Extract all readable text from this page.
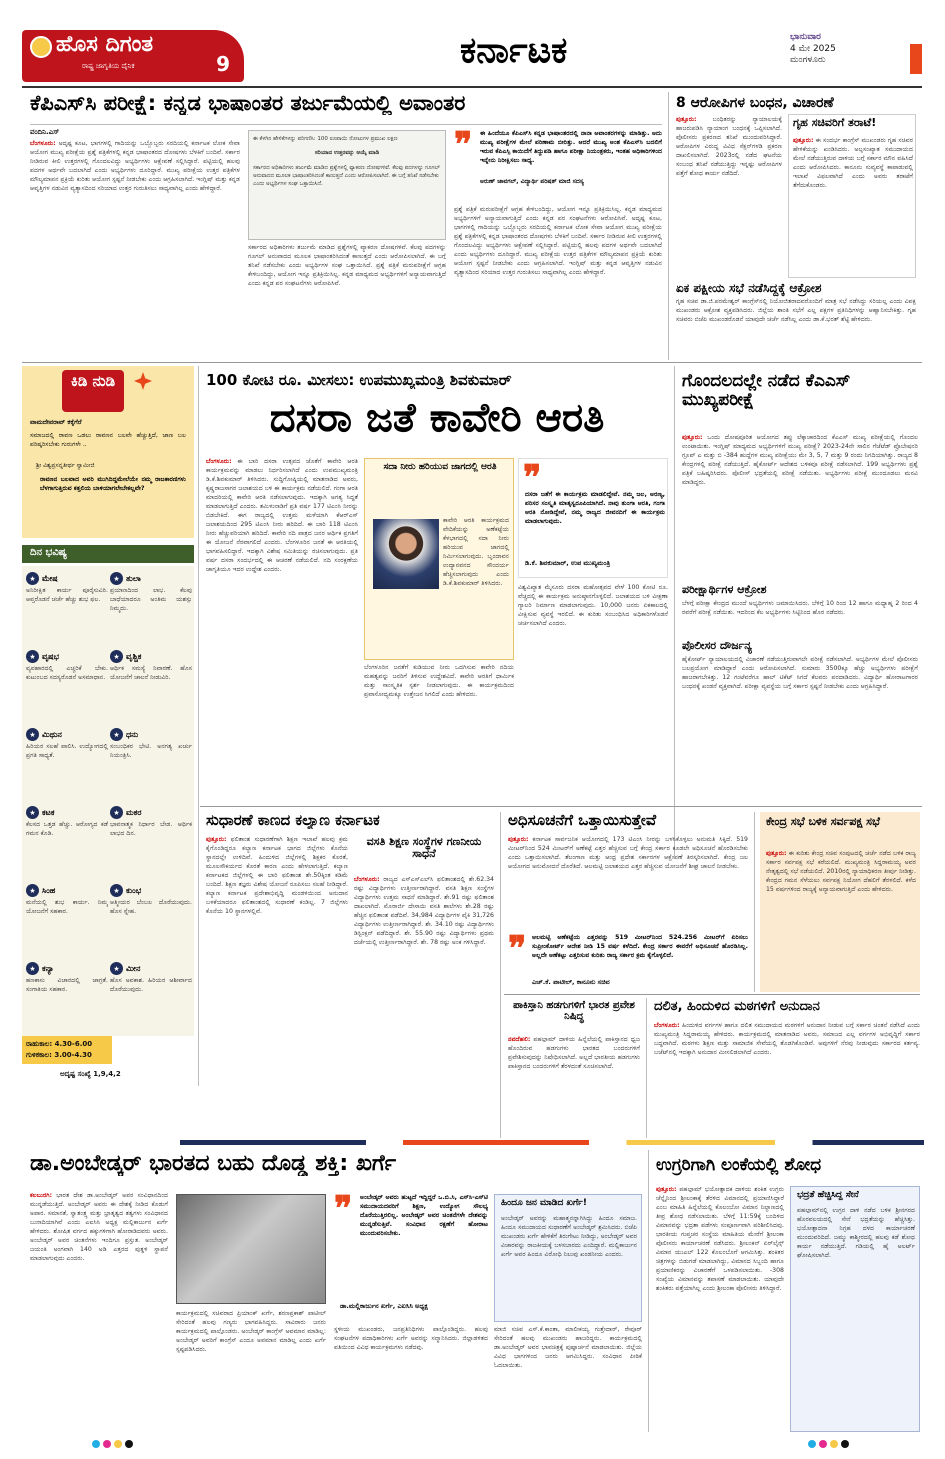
ಹೊಸ ದಿಗಂತ
ರಾಷ್ಟ್ರ ಜಾಗೃತಿಯ ದೈನಿಕ	9	ಕರ್ನಾಟಕ	ಭಾನುವಾರ
4 ಮೇ 2025
ಮಂಗಳೂರು
ಕೆಪಿಎಸ್‌ಸಿ ಪರೀಕ್ಷೆ: ಕನ್ನಡ ಭಾಷಾಂತರ ತರ್ಜುಮೆಯಲ್ಲಿ ಅವಾಂತರ
ವಂದಿನಿ.ಎಸ್
ಬೆಂಗಳೂರು: ಅದೃಷ್ಟ ಕೂಟ, ಭಾಗಗಳಲ್ಲಿ ಗಾದಿಯನ್ನು ಒಬ್ಬೊಬ್ಬರು ಸರದಿಯಲ್ಲಿ ಕರ್ನಾಟಕ ಲೋಕ ಸೇವಾ ಆಯೋಗ ಮುಖ್ಯ ಪರೀಕ್ಷೆಯ ಪ್ರಶ್ನೆ ಪತ್ರಿಕೆಗಳಲ್ಲಿ ಕನ್ನಡ ಭಾಷಾಂತರದ ದೋಷಗಳು ಬೆಳಕಿಗೆ ಬಂದಿವೆ. ಸರ್ಕಾರ ನೀಡಿರುವ ಕೀಲಿ ಉತ್ತರಗಳಲ್ಲಿ ಗೊಂದಲವಿದ್ದು ಅಭ್ಯರ್ಥಿಗಳು ಆಕ್ಷೇಪಣೆ ಸಲ್ಲಿಸಿದ್ದಾರೆ. ಪಟ್ಟಿಯಲ್ಲಿ ಹಲವು ಪದಗಳ ಅರ್ಥವೇ ಬದಲಾಗಿದೆ ಎಂದು ಅಭ್ಯರ್ಥಿಗಳು ದೂರಿದ್ದಾರೆ. ಮುಖ್ಯ ಪರೀಕ್ಷೆಯ ಉತ್ತರ ಪತ್ರಿಕೆಗಳ ಮೌಲ್ಯಮಾಪನ ಪ್ರಕ್ರಿಯೆ ಕುರಿತು ಆಯೋಗ ಸ್ಪಷ್ಟನೆ ನೀಡಬೇಕು ಎಂದು ಆಗ್ರಹಿಸಲಾಗಿದೆ. ಇಂಗ್ಲಿಷ್ ಮತ್ತು ಕನ್ನಡ ಆವೃತ್ತಿಗಳ ನಡುವಿನ ವ್ಯತ್ಯಾಸದಿಂದ ಸರಿಯಾದ ಉತ್ತರ ಗುರುತಿಸಲು ಸಾಧ್ಯವಾಗಿಲ್ಲ ಎಂದು ಹೇಳಿದ್ದಾರೆ.
ಈ ಕೆಳಗಿನ ಹೇಳಿಕೆಗಳನ್ನು ಪರಿಗಣಿಸಿ: 100 ರೂಪಾಯಿ ನೋಟುಗಳ ಪ್ರಮುಖ ಲಕ್ಷಣ
ಸರಿಯಾದ ಉತ್ತರವನ್ನು ಆಯ್ಕೆ ಮಾಡಿ
ಸರ್ಕಾರದ ಅಧಿಕಾರಿಗಳು ತರ್ಜುಮೆ ಮಾಡಿದ ಪ್ರಶ್ನೆಗಳಲ್ಲಿ ವ್ಯಾಕರಣ ದೋಷಗಳಿವೆ. ಕೆಲವು ಪದಗಳನ್ನು ಗೂಗಲ್ ಅನುವಾದದ ಮೂಲಕ ಭಾಷಾಂತರಿಸಿದಂತೆ ಕಾಣುತ್ತದೆ ಎಂದು ಆರೋಪಿಸಲಾಗಿದೆ. ಈ ಬಗ್ಗೆ ತನಿಖೆ ನಡೆಸಬೇಕು ಎಂದು ಅಭ್ಯರ್ಥಿಗಳ ಸಂಘ ಒತ್ತಾಯಿಸಿದೆ.
ಸರ್ಕಾರದ ಅಧಿಕಾರಿಗಳು ತರ್ಜುಮೆ ಮಾಡಿದ ಪ್ರಶ್ನೆಗಳಲ್ಲಿ ವ್ಯಾಕರಣ ದೋಷಗಳಿವೆ. ಕೆಲವು ಪದಗಳನ್ನು ಗೂಗಲ್ ಅನುವಾದದ ಮೂಲಕ ಭಾಷಾಂತರಿಸಿದಂತೆ ಕಾಣುತ್ತದೆ ಎಂದು ಆರೋಪಿಸಲಾಗಿದೆ. ಈ ಬಗ್ಗೆ ತನಿಖೆ ನಡೆಸಬೇಕು ಎಂದು ಅಭ್ಯರ್ಥಿಗಳ ಸಂಘ ಒತ್ತಾಯಿಸಿದೆ. ಪ್ರಶ್ನೆ ಪತ್ರಿಕೆ ಮರುಪರೀಕ್ಷೆಗೆ ಆಗ್ರಹ ಕೇಳಿಬಂದಿದ್ದು, ಆಯೋಗ ಇನ್ನೂ ಪ್ರತಿಕ್ರಿಯಿಸಿಲ್ಲ. ಕನ್ನಡ ಮಾಧ್ಯಮದ ಅಭ್ಯರ್ಥಿಗಳಿಗೆ ಅನ್ಯಾಯವಾಗುತ್ತಿದೆ ಎಂದು ಕನ್ನಡ ಪರ ಸಂಘಟನೆಗಳು ಆರೋಪಿಸಿವೆ.
❞ ಈ ಹಿಂದೆಯೂ ಕೆಪಿಎಸ್‌ಸಿ ಕನ್ನಡ ಭಾಷಾಂತರದಲ್ಲಿ ನಾನಾ ಅವಾಂತರಗಳನ್ನು ಮಾಡಿತ್ತು. ಅದು ಮುಖ್ಯ ಪರೀಕ್ಷೆಗಳ ಮೇಲೆ ಪರಿಣಾಮ ಬೀರಿತ್ತು. ಆದರೆ ಮುಖ್ಯ ಅಂಶ ಕೆಪಿಎಸ್‌ಸಿ ಬದಲಿಗೆ ಇರುವ ಕೆಪಿಎಸ್ಸಿ ಕಾಯಿದೆಗೆ ತಿದ್ದುಪಡಿ ಹಾಗೂ ಪರೀಕ್ಷಾ ನಿಯಂತ್ರಕರು, ಇಂತಹ ಅಧಿಕಾರಿಗಳಿಂದ ಇನ್ನೇನು ನಿರೀಕ್ಷಿಸಲು ಸಾಧ್ಯ.
ಅರುಣ್ ಜಾವಗಲ್, ವಿದ್ಯಾರ್ಥಿ ಪರಿಷತ್ ಮಾಜಿ ಸದಸ್ಯ
ಪ್ರಶ್ನೆ ಪತ್ರಿಕೆ ಮರುಪರೀಕ್ಷೆಗೆ ಆಗ್ರಹ ಕೇಳಿಬಂದಿದ್ದು, ಆಯೋಗ ಇನ್ನೂ ಪ್ರತಿಕ್ರಿಯಿಸಿಲ್ಲ. ಕನ್ನಡ ಮಾಧ್ಯಮದ ಅಭ್ಯರ್ಥಿಗಳಿಗೆ ಅನ್ಯಾಯವಾಗುತ್ತಿದೆ ಎಂದು ಕನ್ನಡ ಪರ ಸಂಘಟನೆಗಳು ಆರೋಪಿಸಿವೆ. ಅದೃಷ್ಟ ಕೂಟ, ಭಾಗಗಳಲ್ಲಿ ಗಾದಿಯನ್ನು ಒಬ್ಬೊಬ್ಬರು ಸರದಿಯಲ್ಲಿ ಕರ್ನಾಟಕ ಲೋಕ ಸೇವಾ ಆಯೋಗ ಮುಖ್ಯ ಪರೀಕ್ಷೆಯ ಪ್ರಶ್ನೆ ಪತ್ರಿಕೆಗಳಲ್ಲಿ ಕನ್ನಡ ಭಾಷಾಂತರದ ದೋಷಗಳು ಬೆಳಕಿಗೆ ಬಂದಿವೆ. ಸರ್ಕಾರ ನೀಡಿರುವ ಕೀಲಿ ಉತ್ತರಗಳಲ್ಲಿ ಗೊಂದಲವಿದ್ದು ಅಭ್ಯರ್ಥಿಗಳು ಆಕ್ಷೇಪಣೆ ಸಲ್ಲಿಸಿದ್ದಾರೆ. ಪಟ್ಟಿಯಲ್ಲಿ ಹಲವು ಪದಗಳ ಅರ್ಥವೇ ಬದಲಾಗಿದೆ ಎಂದು ಅಭ್ಯರ್ಥಿಗಳು ದೂರಿದ್ದಾರೆ. ಮುಖ್ಯ ಪರೀಕ್ಷೆಯ ಉತ್ತರ ಪತ್ರಿಕೆಗಳ ಮೌಲ್ಯಮಾಪನ ಪ್ರಕ್ರಿಯೆ ಕುರಿತು ಆಯೋಗ ಸ್ಪಷ್ಟನೆ ನೀಡಬೇಕು ಎಂದು ಆಗ್ರಹಿಸಲಾಗಿದೆ. ಇಂಗ್ಲಿಷ್ ಮತ್ತು ಕನ್ನಡ ಆವೃತ್ತಿಗಳ ನಡುವಿನ ವ್ಯತ್ಯಾಸದಿಂದ ಸರಿಯಾದ ಉತ್ತರ ಗುರುತಿಸಲು ಸಾಧ್ಯವಾಗಿಲ್ಲ ಎಂದು ಹೇಳಿದ್ದಾರೆ.
8 ಆರೋಪಿಗಳ ಬಂಧನ, ವಿಚಾರಣೆ
ಪುತ್ತೂರು:	ಬಂಧಿತರನ್ನು ನ್ಯಾಯಾಲಯಕ್ಕೆ ಹಾಜರುಪಡಿಸಿ ನ್ಯಾಯಾಂಗ ಬಂಧನಕ್ಕೆ ಒಪ್ಪಿಸಲಾಗಿದೆ. ಪೊಲೀಸರು ಪ್ರಕರಣದ ತನಿಖೆ ಮುಂದುವರಿಸಿದ್ದಾರೆ. ಆರೋಪಿಗಳ ವಿರುದ್ಧ ವಿವಿಧ ಸೆಕ್ಷನ್‌ಗಳಡಿ ಪ್ರಕರಣ ದಾಖಲಿಸಲಾಗಿದೆ. 2023ರಲ್ಲಿ ನಡೆದ ಘಟನೆಯ ಸಂಬಂಧ ತನಿಖೆ ನಡೆಯುತ್ತಿದ್ದು ಇನ್ನಷ್ಟು ಆರೋಪಿಗಳ ಪತ್ತೆಗೆ ಶೋಧ ಕಾರ್ಯ ನಡೆದಿದೆ.
ಗೃಹ ಸಚಿವರಿಗೆ ತರಾಟೆ!
ಪುತ್ತೂರು: ಈ ಸಂದರ್ಭ ಕಾಂಗ್ರೆಸ್ ಮುಖಂಡರು ಗೃಹ ಸಚಿವರ ಹೇಳಿಕೆಯನ್ನು ಖಂಡಿಸಿದರು. ಅಲ್ಪಸಂಖ್ಯಾತ ಸಮುದಾಯದ ಮೇಲೆ ನಡೆಯುತ್ತಿರುವ ದಾಳಿಯ ಬಗ್ಗೆ ಸರ್ಕಾರ ಮೌನ ವಹಿಸಿದೆ ಎಂದು ಆರೋಪಿಸಿದರು. ಕಾನೂನು ಸುವ್ಯವಸ್ಥೆ ಕಾಪಾಡುವಲ್ಲಿ ಇಲಾಖೆ ವಿಫಲವಾಗಿದೆ ಎಂದು ಅವರು ತರಾಟೆಗೆ ತೆಗೆದುಕೊಂಡರು.
ಏಕ ಪಕ್ಷೀಯ ಸಭೆ ನಡೆಸಿದ್ದಕ್ಕೆ ಆಕ್ರೋಶ
ಗೃಹ ಸಚಿವ ಡಾ.ಜಿ.ಪರಮೇಶ್ವರ್ ಕಾಂಗ್ರೆಸ್‌ನಲ್ಲಿ ನಿಯೋಜಿತರಾದವರೊಂದಿಗೆ ಮಾತ್ರ ಸಭೆ ನಡೆಸಿದ್ದು ಸರಿಯಲ್ಲ ಎಂದು ವಿಪಕ್ಷ ಮುಖಂಡರು ಆಕ್ರೋಶ ವ್ಯಕ್ತಪಡಿಸಿದರು. ಜಿಲ್ಲೆಯ ಶಾಂತಿ ಸಭೆಗೆ ಎಲ್ಲ ಪಕ್ಷಗಳ ಪ್ರತಿನಿಧಿಗಳನ್ನು ಆಹ್ವಾನಿಸಬೇಕಿತ್ತು. ಗೃಹ ಸಚಿವರು ಬಿಜೆಪಿ ಮುಖಂಡರೊಡನೆ ಯಾವುದೇ ಚರ್ಚೆ ನಡೆಸಿಲ್ಲ ಎಂದು ಡಾ.ಕೆ.ಭರತ್ ಶೆಟ್ಟಿ ಹೇಳಿದರು.
ಕಿಡಿ ನುಡಿ
ವಾಮದೇವರಾವ್ ಕಕ್ಕೆಗೆರೆ
ಸಮಾಜದಲ್ಲಿ ರಾವಣ ಒಡಲು ರಾವಣನ ಬಲವೇ ಹೆಚ್ಚುತ್ತಿದೆ, ಜಾಣ ಬಲ ಪರಿಷ್ಕರಿಸಬೇಕು ಗುರುಗಳೇ ..
ಶ್ರೀ ವಿಶ್ವಪ್ರಸನ್ನತೀರ್ಥ ಸ್ವಾಮೀಜಿ
ರಾವಣನ ಬಲವಾದ ಅವರಿ ಮುಗಿದಿದ್ದಮೇಲೆಯೇ ನಮ್ಮ ರಾಜಕಾರಣಿಗಳು ಬೆಳಗಾಗುತ್ತಿರುವ ಕತ್ತಲಿಯ ಬಾಳಿಯಾಗಲೇಬೇಕಲ್ಲವೇ?
ದಿನ ಭವಿಷ್ಯ
★ ಮೇಷ
ಅನಿರೀಕ್ಷಿತ ಕಾರ್ಯ ಪೂರೈಸುವಿರಿ. ಆಪ್ತರೊಡನೆ ಚರ್ಚೆ ಹೆಚ್ಚು ಶುಭ ಫಲ.
★ ತುಲಾ
ಪ್ರಯಾಣದಿಂದ ಲಾಭ. ಕೆಲವು ಬಾಧೆಯಾದರೂ ಅಂತಿಮ ಯಶಸ್ಸು ನಿಮ್ಮದು.
★ ವೃಷಭ
ವ್ಯವಹಾರದಲ್ಲಿ ಎಚ್ಚರಿಕೆ ಬೇಕು. ಕುಟುಂಬದ ಸದಸ್ಯರೊಡನೆ ಅಸಮಾಧಾನ.
★ ವೃಶ್ಚಿಕ
ಆರ್ಥಿಕ ಸಮಸ್ಯೆ ನಿವಾರಣೆ. ಹೊಸ ಯೋಜನೆಗೆ ಚಾಲನೆ ನೀಡುವಿರಿ.
★ ಮಿಥುನ
ಹಿರಿಯರ ಸಲಹೆ ಪಾಲಿಸಿ. ಉದ್ಯೋಗದಲ್ಲಿ ಪ್ರಗತಿ ಸಾಧ್ಯತೆ.
★ ಧನು
ಸಂಬಂಧಿಕರ ಭೇಟಿ. ಅನಗತ್ಯ ಖರ್ಚು ನಿಯಂತ್ರಿಸಿ.
★ ಕಟಕ
ಕೆಲಸದ ಒತ್ತಡ ಹೆಚ್ಚು. ಆರೋಗ್ಯದ ಕಡೆ ಗಮನ ಕೊಡಿ.
★ ಮಕರ
ಭಾವನಾತ್ಮಕ ನಿರ್ಧಾರ ಬೇಡ. ಆರ್ಥಿಕ ಲಾಭದ ದಿನ.
★ ಸಿಂಹ
ಮನೆಯಲ್ಲಿ ಶುಭ ಕಾರ್ಯ. ನಿಮ್ಮ ಯೋಜನೆಗೆ ಸಹಕಾರ.
★ ಕುಂಭ
ಆತ್ಮೀಯರ ಬೆಂಬಲ ದೊರೆಯುವುದು. ಹೊಸ ಸ್ನೇಹ.
★ ಕನ್ಯಾ
ಹಣಕಾಸು ವಿಚಾರದಲ್ಲಿ ಜಾಗ್ರತೆ. ಸಂಗಾತಿಯ ಸಹಕಾರ.
★ ಮೀನ
ಹೊಸ ಅವಕಾಶ. ಹಿರಿಯರ ಆಶೀರ್ವಾದ ದೊರೆಯುವುದು.
ರಾಹುಕಾಲ: 4.30-6.00
ಗುಳಿಕಕಾಲ: 3.00-4.30
ಅದೃಷ್ಟ ಸಂಖ್ಯೆ 1,9,4,2
100 ಕೋಟಿ ರೂ. ಮೀಸಲು: ಉಪಮುಖ್ಯಮಂತ್ರಿ ಶಿವಕುಮಾರ್
ದಸರಾ ಜತೆ ಕಾವೇರಿ ಆರತಿ
ಬೆಂಗಳೂರು: ಈ ಬಾರಿ ದಸರಾ ಉತ್ಸವದ ಜೊತೆಗೆ ಕಾವೇರಿ ಆರತಿ ಕಾರ್ಯಕ್ರಮವನ್ನು ಮಾಡಲು ನಿರ್ಧರಿಸಲಾಗಿದೆ ಎಂದು ಉಪಮುಖ್ಯಮಂತ್ರಿ ಡಿ.ಕೆ.ಶಿವಕುಮಾರ್ ತಿಳಿಸಿದರು. ಸುದ್ದಿಗೋಷ್ಠಿಯಲ್ಲಿ ಮಾತನಾಡಿದ ಅವರು, ಕೃಷ್ಣರಾಜಸಾಗರ ಜಲಾಶಯದ ಬಳಿ ಈ ಕಾರ್ಯಕ್ರಮ ನಡೆಯಲಿದೆ. ಗಂಗಾ ಆರತಿ ಮಾದರಿಯಲ್ಲಿ ಕಾವೇರಿ ಆರತಿ ನಡೆಸಲಾಗುವುದು. ಇದಕ್ಕಾಗಿ ಅಗತ್ಯ ಸಿದ್ಧತೆ ಮಾಡಲಾಗುತ್ತಿದೆ ಎಂದರು. ತಮಿಳುನಾಡಿಗೆ ಪ್ರತಿ ವರ್ಷ 177 ಟಿಎಂಸಿ ನೀರನ್ನು ಬಿಡಬೇಕಿದೆ. ಈಗ ರಾಜ್ಯದಲ್ಲಿ ಉತ್ತಮ ಮಳೆಯಾಗಿ ಕೆಆರ್‌ಎಸ್ ಜಲಾಶಯದಿಂದ 295 ಟಿಎಂಸಿ ನೀರು ಹರಿದಿದೆ. ಈ ಬಾರಿ 118 ಟಿಎಂಸಿ ನೀರು ಹೆಚ್ಚುವರಿಯಾಗಿ ಹರಿದಿದೆ. ಕಾವೇರಿ ನದಿ ಪಾತ್ರದ ಜನರ ಆರ್ಥಿಕ ಪ್ರಗತಿಗೆ ಈ ಯೋಜನೆ ನೆರವಾಗಲಿದೆ ಎಂದರು. ಬೆಂಗಳೂರಿನ ಜನತೆ ಈ ಆರತಿಯಲ್ಲಿ ಭಾಗವಹಿಸಲಿದ್ದಾರೆ. ಇದಕ್ಕಾಗಿ ವಿಶೇಷ ಸಮಿತಿಯನ್ನು ರಚಿಸಲಾಗುವುದು. ಪ್ರತಿ ವರ್ಷ ದಸರಾ ಸಂದರ್ಭದಲ್ಲಿ ಈ ಆಚರಣೆ ನಡೆಯಲಿದೆ. ನದಿ ಸಂರಕ್ಷಣೆಯ ಜಾಗೃತಿಯೂ ಇದರ ಉದ್ದೇಶ ಎಂದರು.
ಸದಾ ನೀರು ಹರಿಯುವ ಜಾಗದಲ್ಲಿ ಆರತಿ
ಕಾವೇರಿ ಆರತಿ ಕಾರ್ಯಕ್ರಮದ ವೇದಿಕೆಯನ್ನು ಅಣೆಕಟ್ಟೆಯ ಕೆಳಭಾಗದಲ್ಲಿ ಸದಾ ನೀರು ಹರಿಯುವ ಜಾಗದಲ್ಲಿ ನಿರ್ಮಿಸಲಾಗುವುದು. ಬೃಂದಾವನ ಉದ್ಯಾನವನದ ಸೌಂದರ್ಯ ಹೆಚ್ಚಿಸಲಾಗುವುದು ಎಂದು ಡಿ.ಕೆ.ಶಿವಕುಮಾರ್ ತಿಳಿಸಿದರು.
❞
ದಸರಾ ಜತೆಗೆ ಈ ಕಾರ್ಯಕ್ರಮ ಮಾಡಲಿದ್ದೇವೆ. ನಮ್ಮ ಜಲ, ಅರಣ್ಯ, ಪರಿಸರ ಸಂಸ್ಕೃತಿ ಮಾತೃಸ್ವರೂಪಿಯಾಗಿದೆ. ನಾವು ತುಂಗಾ ಆರತಿ, ಗಂಗಾ ಆರತಿ ನೋಡಿದ್ದೇವೆ, ನಮ್ಮ ರಾಜ್ಯದ ಜೀವನದಿಗೆ ಈ ಕಾರ್ಯಕ್ರಮ ಮಾಡಲಾಗುವುದು.
ಡಿ.ಕೆ. ಶಿವಕುಮಾರ್, ಉಪ ಮುಖ್ಯಮಂತ್ರಿ
ವಿಶ್ವವಿಖ್ಯಾತ ಮೈಸೂರು ದಸರಾ ಮಹೋತ್ಸವದ ವೇಳೆ 100 ಕೋಟಿ ರೂ. ವೆಚ್ಚದಲ್ಲಿ ಈ ಕಾರ್ಯಕ್ರಮ ಅನುಷ್ಠಾನಗೊಳ್ಳಲಿದೆ. ಜಲಾಶಯದ ಬಳಿ ವೀಕ್ಷಣಾ ಗ್ಯಾಲರಿ ನಿರ್ಮಾಣ ಮಾಡಲಾಗುವುದು. 10,000 ಜನರು ಏಕಕಾಲದಲ್ಲಿ ವೀಕ್ಷಿಸುವ ವ್ಯವಸ್ಥೆ ಇರಲಿದೆ. ಈ ಕುರಿತು ಸಂಬಂಧಿಸಿದ ಅಧಿಕಾರಿಗಳೊಡನೆ ಚರ್ಚಿಸಲಾಗಿದೆ ಎಂದರು.
ಬೆಂಗಳೂರಿನ ಜನತೆಗೆ ಕುಡಿಯುವ ನೀರು ಒದಗಿಸುವ ಕಾವೇರಿ ನದಿಯ ಮಹತ್ವವನ್ನು ಜನರಿಗೆ ತಿಳಿಸುವ ಉದ್ದೇಶವಿದೆ. ಕಾವೇರಿ ಆರತಿಗೆ ಧಾರ್ಮಿಕ ಮತ್ತು ಸಾಂಸ್ಕೃತಿಕ ಸ್ಪರ್ಶ ನೀಡಲಾಗುವುದು. ಈ ಕಾರ್ಯಕ್ರಮದಿಂದ ಪ್ರವಾಸೋದ್ಯಮಕ್ಕೂ ಉತ್ತೇಜನ ಸಿಗಲಿದೆ ಎಂದು ಹೇಳಿದರು.
ಗೊಂದಲದಲ್ಲೇ ನಡೆದ ಕೆಎಎಸ್ ಮುಖ್ಯಪರೀಕ್ಷೆ
ಪುತ್ತೂರು: ಒಂದು ದೋಷಪೂರಿತ ಆಯೋಗದ ತಪ್ಪು ಲೆಕ್ಕಾಚಾರದಿಂದ ಕೆಎಎಸ್ ಮುಖ್ಯ ಪರೀಕ್ಷೆಯಲ್ಲಿ ಗೊಂದಲ ಉಂಟಾಯಿತು. ಇಂಗ್ಲಿಷ್ ಮಾಧ್ಯಮದ ಅಭ್ಯರ್ಥಿಗಳಿಗೆ ಮುಖ್ಯ ಪರೀಕ್ಷೆ? 2023-24ನೇ ಸಾಲಿನ ಗೆಜೆಟೆಡ್ ಪ್ರೊಬೇಷನರಿ ಗ್ರೂಪ್ ಎ ಮತ್ತು ಬಿ -384 ಹುದ್ದೆಗಳ ಮುಖ್ಯ ಪರೀಕ್ಷೆಯು ಮೇ 3, 5, 7 ಮತ್ತು 9 ರಂದು ನಿಗದಿಯಾಗಿತ್ತು. ರಾಜ್ಯದ 8 ಕೇಂದ್ರಗಳಲ್ಲಿ ಪರೀಕ್ಷೆ ನಡೆಯುತ್ತಿದೆ. ಹೈಕೋರ್ಟ್ ಆದೇಶದ ಬಳಿಕವೂ ಪರೀಕ್ಷೆ ನಡೆಸಲಾಗಿದೆ. 199 ಅಭ್ಯರ್ಥಿಗಳು ಪ್ರಶ್ನೆ ಪತ್ರಿಕೆ ಬಹಿಷ್ಕರಿಸಿದರು. ಪೊಲೀಸ್ ಭದ್ರತೆಯಲ್ಲಿ ಪರೀಕ್ಷೆ ನಡೆಯಿತು. ಅಭ್ಯರ್ಥಿಗಳು ಪರೀಕ್ಷೆ ಮುಂದೂಡಲು ಮನವಿ ಮಾಡಿದ್ದರು.
ಪರೀಕ್ಷಾರ್ಥಿಗಳ ಆಕ್ರೋಶ
ಬೆಳಗ್ಗೆ ಪರೀಕ್ಷಾ ಕೇಂದ್ರದ ಮುಂದೆ ಅಭ್ಯರ್ಥಿಗಳು ಜಮಾಯಿಸಿದರು. ಬೆಳಿಗ್ಗೆ 10 ರಿಂದ 12 ಹಾಗೂ ಮಧ್ಯಾಹ್ನ 2 ರಿಂದ 4 ರವರೆಗೆ ಪರೀಕ್ಷೆ ನಡೆಯಿತು. ಇದರಿಂದ ಕೆಲ ಅಭ್ಯರ್ಥಿಗಳು ಸಿಟ್ಟಿನಿಂದ ಹೊರ ನಡೆದರು.
ಪೊಲೀಸರ ದೌರ್ಜನ್ಯ
ಹೈಕೋರ್ಟ್ ನ್ಯಾಯಾಲಯದಲ್ಲಿ ವಿಚಾರಣೆ ನಡೆಯುತ್ತಿರುವಾಗಲೇ ಪರೀಕ್ಷೆ ನಡೆಸಲಾಗಿದೆ. ಅಭ್ಯರ್ಥಿಗಳ ಮೇಲೆ ಪೊಲೀಸರು ಬಲಪ್ರಯೋಗ ಮಾಡಿದ್ದಾರೆ ಎಂದು ಆರೋಪಿಸಲಾಗಿದೆ. ಸುಮಾರು 3500ಕ್ಕೂ ಹೆಚ್ಚು ಅಭ್ಯರ್ಥಿಗಳು ಪರೀಕ್ಷೆಗೆ ಹಾಜರಾಗಬೇಕಿತ್ತು. 12 ಗಂಟೆವರೆಗೂ ಹಾಲ್ ಟಿಕೆಟ್ ಸಿಗದೆ ಕೆಲವರು ಪರದಾಡಿದರು. ವಿದ್ಯಾರ್ಥಿ ಹೋರಾಟಗಾರರ ಬಂಧನಕ್ಕೆ ಖಂಡನೆ ವ್ಯಕ್ತವಾಗಿದೆ. ಪರೀಕ್ಷಾ ವ್ಯವಸ್ಥೆಯ ಬಗ್ಗೆ ಸರ್ಕಾರ ಸ್ಪಷ್ಟನೆ ನೀಡಬೇಕು ಎಂದು ಆಗ್ರಹಿಸಿದ್ದಾರೆ.
ಸುಧಾರಣೆ ಕಾಣದ ಕಲ್ಯಾಣ ಕರ್ನಾಟಕ
ಪುತ್ತೂರು: ಫಲಿತಾಂಶ ಸುಧಾರಣೆಗಾಗಿ ಶಿಕ್ಷಣ ಇಲಾಖೆ ಹಲವು ಕ್ರಮ ಕೈಗೊಂಡಿದ್ದರೂ ಕಲ್ಯಾಣ ಕರ್ನಾಟಕ ಭಾಗದ ಜಿಲ್ಲೆಗಳು ಕೊನೆಯ ಸ್ಥಾನದಲ್ಲೇ ಉಳಿದಿವೆ. ಹಿಂದುಳಿದ ಜಿಲ್ಲೆಗಳಲ್ಲಿ ಶಿಕ್ಷಕರ ಕೊರತೆ, ಮೂಲಸೌಕರ್ಯದ ಕೊರತೆ ಕಾರಣ ಎಂದು ಹೇಳಲಾಗುತ್ತಿದೆ. ಕಲ್ಯಾಣ ಕರ್ನಾಟಕದ ಜಿಲ್ಲೆಗಳಲ್ಲಿ ಈ ಬಾರಿ ಫಲಿತಾಂಶ ಶೇ.50ಕ್ಕಿಂತ ಕಡಿಮೆ ಬಂದಿದೆ. ಶಿಕ್ಷಣ ತಜ್ಞರು ವಿಶೇಷ ಯೋಜನೆ ರೂಪಿಸಲು ಸಲಹೆ ನೀಡಿದ್ದಾರೆ. ಕಲ್ಯಾಣ ಕರ್ನಾಟಕ ಪ್ರದೇಶಾಭಿವೃದ್ಧಿ ಮಂಡಳಿಯಿಂದ ಅನುದಾನ ಬಳಕೆಯಾದರೂ ಫಲಿತಾಂಶದಲ್ಲಿ ಸುಧಾರಣೆ ಕಂಡಿಲ್ಲ. 7 ಜಿಲ್ಲೆಗಳು ಕೊನೆಯ 10 ಸ್ಥಾನಗಳಲ್ಲಿವೆ.
ವಸತಿ ಶಿಕ್ಷಣ ಸಂಸ್ಥೆಗಳ ಗಣನೀಯ ಸಾಧನೆ
ಬೆಂಗಳೂರು: ರಾಜ್ಯದ ಎಸ್ಎಸ್ಎಲ್‌ಸಿ ಫಲಿತಾಂಶದಲ್ಲಿ ಶೇ.62.34 ರಷ್ಟು ವಿದ್ಯಾರ್ಥಿಗಳು ಉತ್ತೀರ್ಣರಾಗಿದ್ದಾರೆ. ವಸತಿ ಶಿಕ್ಷಣ ಸಂಸ್ಥೆಗಳ ವಿದ್ಯಾರ್ಥಿಗಳು ಉತ್ತಮ ಸಾಧನೆ ಮಾಡಿದ್ದಾರೆ. ಶೇ.91 ರಷ್ಟು ಫಲಿತಾಂಶ ದಾಖಲಾಗಿದೆ. ಮೊರಾರ್ಜಿ ದೇಸಾಯಿ ವಸತಿ ಶಾಲೆಗಳು ಶೇ.28 ರಷ್ಟು ಹೆಚ್ಚಿನ ಫಲಿತಾಂಶ ಪಡೆದಿವೆ. 34,984 ವಿದ್ಯಾರ್ಥಿಗಳ ಪೈಕಿ 31,726 ವಿದ್ಯಾರ್ಥಿಗಳು ಉತ್ತೀರ್ಣರಾಗಿದ್ದಾರೆ. ಶೇ. 34.10 ರಷ್ಟು ವಿದ್ಯಾರ್ಥಿಗಳು ಡಿಸ್ಟಿಂಕ್ಷನ್ ಪಡೆದಿದ್ದಾರೆ. ಶೇ. 55.90 ರಷ್ಟು ವಿದ್ಯಾರ್ಥಿಗಳು ಪ್ರಥಮ ದರ್ಜೆಯಲ್ಲಿ ಉತ್ತೀರ್ಣರಾಗಿದ್ದಾರೆ. ಶೇ. 78 ರಷ್ಟು ಅಂಕ ಗಳಿಸಿದ್ದಾರೆ.
ಅಧಿಸೂಚನೆಗೆ ಒತ್ತಾಯಿಸುತ್ತೇವೆ
ಪುತ್ತೂರು: ಕರ್ನಾಟಕ ಸಾರ್ವಜನಿಕ ಆಯೋಗದಲ್ಲಿ 173 ಟಿಎಂಸಿ ನೀರನ್ನು ಬಳಸಿಕೊಳ್ಳಲು ಅನುಮತಿ ಸಿಕ್ಕಿದೆ. 519 ಮೀಟರ್‌ನಿಂದ 524 ಮೀಟರ್‌ಗೆ ಅಣೆಕಟ್ಟೆ ಎತ್ತರ ಹೆಚ್ಚಿಸುವ ಬಗ್ಗೆ ಕೇಂದ್ರ ಸರ್ಕಾರ ಕೂಡಲೇ ಅಧಿಸೂಚನೆ ಹೊರಡಿಸಬೇಕು ಎಂದು ಒತ್ತಾಯಿಸಲಾಗಿದೆ. ತೆಲಂಗಾಣ ಮತ್ತು ಆಂಧ್ರ ಪ್ರದೇಶ ಸರ್ಕಾರಗಳ ಆಕ್ಷೇಪಣೆ ತಿರಸ್ಕರಿಸಲಾಗಿದೆ. ಕೇಂದ್ರ ಜಲ ಆಯೋಗದ ಅನುಮೋದನೆ ದೊರೆತಿದೆ. ಆಲಮಟ್ಟಿ ಜಲಾಶಯದ ಎತ್ತರ ಹೆಚ್ಚಿಸುವ ಯೋಜನೆಗೆ ಶೀಘ್ರ ಚಾಲನೆ ನೀಡಬೇಕು.
❞ ಆಲಮಟ್ಟಿ ಅಣೆಕಟ್ಟೆಯ ಎತ್ತರವನ್ನು 519 ಮೀಟರ್‌ನಿಂದ 524.256 ಮೀಟರ್‌ಗೆ ಏರಿಸಲು ಸುಪ್ರೀಂಕೋರ್ಟ್ ಆದೇಶ ನೀಡಿ 15 ವರ್ಷ ಕಳೆದಿದೆ. ಕೇಂದ್ರ ಸರ್ಕಾರ ಈವರೆಗೆ ಅಧಿಸೂಚನೆ ಹೊರಡಿಸಿಲ್ಲ. ಅಲ್ಲದೇ ಅಣೆಕಟ್ಟು ಎತ್ತರಿಸುವ ಕುರಿತು ರಾಜ್ಯ ಸರ್ಕಾರ ಕ್ರಮ ಕೈಗೊಳ್ಳಲಿದೆ.
ಎಚ್.ಕೆ. ಪಾಟೀಲ್, ಕಾನೂನು ಸಚಿವ
ಕೇಂದ್ರ ಸಭೆ ಬಳಿಕ ಸರ್ವಪಕ್ಷ ಸಭೆ
ಪುತ್ತೂರು: ಈ ಕುರಿತು ಕೇಂದ್ರ ಸಚಿವ ಸಂಪುಟದಲ್ಲಿ ಚರ್ಚೆ ನಡೆದ ಬಳಿಕ ರಾಜ್ಯ ಸರ್ಕಾರ ಸರ್ವಪಕ್ಷ ಸಭೆ ಕರೆಯಲಿದೆ. ಮುಖ್ಯಮಂತ್ರಿ ಸಿದ್ದರಾಮಯ್ಯ ಅವರ ನೇತೃತ್ವದಲ್ಲಿ ಸಭೆ ನಡೆಯಲಿದೆ. 2010ರಲ್ಲಿ ನ್ಯಾಯಾಧಿಕರಣ ತೀರ್ಪು ನೀಡಿತ್ತು. ಕೇಂದ್ರದ ಗಮನ ಸೆಳೆಯಲು ಸರ್ವಪಕ್ಷ ನಿಯೋಗ ದೆಹಲಿಗೆ ತೆರಳಲಿದೆ. ಕಳೆದ 15 ವರ್ಷಗಳಿಂದ ರಾಜ್ಯಕ್ಕೆ ಅನ್ಯಾಯವಾಗುತ್ತಿದೆ ಎಂದು ಹೇಳಿದರು.
ಪಾಕಿಸ್ತಾನಿ ಹಡಗುಗಳಿಗೆ ಭಾರತ ಪ್ರವೇಶ ನಿಷಿದ್ಧ
ನವದೆಹಲಿ: ಪಹಲ್ಗಾಮ್ ದಾಳಿಯ ಹಿನ್ನೆಲೆಯಲ್ಲಿ ಪಾಕಿಸ್ತಾನದ ಧ್ವಜ ಹೊಂದಿರುವ ಹಡಗುಗಳು ಭಾರತದ ಬಂದರುಗಳಿಗೆ ಪ್ರವೇಶಿಸುವುದನ್ನು ನಿಷೇಧಿಸಲಾಗಿದೆ. ಅಲ್ಲದೆ ಭಾರತೀಯ ಹಡಗುಗಳು ಪಾಕಿಸ್ತಾನದ ಬಂದರುಗಳಿಗೆ ತೆರಳದಂತೆ ಸೂಚಿಸಲಾಗಿದೆ.
ದಲಿತ, ಹಿಂದುಳಿದ ಮಠಗಳಿಗೆ ಅನುದಾನ
ಬೆಂಗಳೂರು: ಹಿಂದುಳಿದ ವರ್ಗಗಳ ಹಾಗೂ ದಲಿತ ಸಮುದಾಯದ ಮಠಗಳಿಗೆ ಅನುದಾನ ನೀಡುವ ಬಗ್ಗೆ ಸರ್ಕಾರ ಚಿಂತನೆ ನಡೆಸಿದೆ ಎಂದು ಮುಖ್ಯಮಂತ್ರಿ ಸಿದ್ದರಾಮಯ್ಯ ಹೇಳಿದರು. ಕಾರ್ಯಕ್ರಮದಲ್ಲಿ ಮಾತನಾಡಿದ ಅವರು, ಸಮಾಜದ ಎಲ್ಲ ವರ್ಗಗಳ ಅಭಿವೃದ್ಧಿಗೆ ಸರ್ಕಾರ ಬದ್ಧವಾಗಿದೆ. ಮಠಗಳು ಶಿಕ್ಷಣ ಮತ್ತು ಸಾಮಾಜಿಕ ಸೇವೆಯಲ್ಲಿ ತೊಡಗಿಕೊಂಡಿವೆ. ಅವುಗಳಿಗೆ ನೆರವು ನೀಡುವುದು ಸರ್ಕಾರದ ಕರ್ತವ್ಯ. ಬಜೆಟ್‌ನಲ್ಲಿ ಇದಕ್ಕಾಗಿ ಅನುದಾನ ಮೀಸಲಿಡಲಾಗಿದೆ ಎಂದರು.
ಡಾ.ಅಂಬೇಡ್ಕರ್ ಭಾರತದ ಬಹು ದೊಡ್ಡ ಶಕ್ತಿ: ಖರ್ಗೆ
ಕಲಬುರಗಿ: ಭಾರತ ದೇಶ ಡಾ.ಅಂಬೇಡ್ಕರ್ ಅವರ ಸಂವಿಧಾನದಿಂದ ಮುನ್ನಡೆಯುತ್ತಿದೆ. ಅಂಬೇಡ್ಕರ್ ಅವರು ಈ ದೇಶಕ್ಕೆ ನೀಡಿದ ಕೊಡುಗೆ ಅಪಾರ. ಸಮಾನತೆ, ಸ್ವಾತಂತ್ರ್ಯ ಮತ್ತು ಭ್ರಾತೃತ್ವದ ತತ್ವಗಳು ಸಂವಿಧಾನದ ಬುನಾದಿಯಾಗಿವೆ ಎಂದು ಎಐಸಿಸಿ ಅಧ್ಯಕ್ಷ ಮಲ್ಲಿಕಾರ್ಜುನ ಖರ್ಗೆ ಹೇಳಿದರು. ಶೋಷಿತ ವರ್ಗದ ಹಕ್ಕುಗಳಿಗಾಗಿ ಹೋರಾಡಿದವರು ಅವರು. ಅಂಬೇಡ್ಕರ್ ಅವರ ಚಿಂತನೆಗಳು ಇಂದಿಗೂ ಪ್ರಸ್ತುತ. ಅಂಬೇಡ್ಕರ್ ಜಯಂತಿ ಅಂಗವಾಗಿ 140 ಅಡಿ ಎತ್ತರದ ಪುತ್ಥಳಿ ಸ್ಥಾಪನೆ ಮಾಡಲಾಗುವುದು ಎಂದರು.
ಕಾರ್ಯಕ್ರಮದಲ್ಲಿ ಸಚಿವರಾದ ಪ್ರಿಯಾಂಕ್ ಖರ್ಗೆ, ಶರಣಪ್ರಕಾಶ್ ಪಾಟೀಲ್ ಸೇರಿದಂತೆ ಹಲವು ಗಣ್ಯರು ಭಾಗವಹಿಸಿದ್ದರು. ಸಾವಿರಾರು ಜನರು ಕಾರ್ಯಕ್ರಮದಲ್ಲಿ ಪಾಲ್ಗೊಂಡರು. ಅಂಬೇಡ್ಕರ್ ಕಾಂಗ್ರೆಸ್ ಅವಮಾನ ಮಾಡಿಲ್ಲ: ಅಂಬೇಡ್ಕರ್ ಅವರಿಗೆ ಕಾಂಗ್ರೆಸ್ ಎಂದೂ ಅವಮಾನ ಮಾಡಿಲ್ಲ ಎಂದು ಖರ್ಗೆ ಸ್ಪಷ್ಟಪಡಿಸಿದರು.
❞ ಅಂಬೇಡ್ಕರ್ ಅವರು ಹುಟ್ಟದೆ ಇದ್ದಿದ್ದರೆ ಒ.ಬಿ.ಸಿ, ಎಸ್‌ಸಿ-ಎಸ್‌ಟಿ ಸಮುದಾಯದವರಿಗೆ ಶಿಕ್ಷಣ, ಉದ್ಯೋಗ ಸೌಲಭ್ಯ ದೊರೆಯುತ್ತಿರಲಿಲ್ಲ. ಅಂಬೇಡ್ಕರ್ ಅವರ ಚಿಂತನೆಗಳೇ ದೇಶವನ್ನು ಮುನ್ನಡೆಸುತ್ತಿವೆ. ಸಂವಿಧಾನ ರಕ್ಷಣೆಗೆ ಹೋರಾಟ ಮುಂದುವರಿಸಬೇಕು.
ಡಾ.ಮಲ್ಲಿಕಾರ್ಜುನ ಖರ್ಗೆ, ಎಐಸಿಸಿ ಅಧ್ಯಕ್ಷ
ಸ್ಥಳೀಯ ಮುಖಂಡರು, ಜನಪ್ರತಿನಿಧಿಗಳು ಪಾಲ್ಗೊಂಡಿದ್ದರು. ಹಲವು ಸಂಘಟನೆಗಳ ಪದಾಧಿಕಾರಿಗಳು ಖರ್ಗೆ ಅವರನ್ನು ಸನ್ಮಾನಿಸಿದರು. ಜಿಲ್ಲಾಡಳಿತದ ವತಿಯಿಂದ ವಿವಿಧ ಕಾರ್ಯಕ್ರಮಗಳು ನಡೆದವು.
ಹಿಂದೂ ಜನ ಮಾಡಿದ ಖರ್ಗೆ!
ಅಂಬೇಡ್ಕರ್ ಅವರನ್ನು ಮಹಾತ್ಮನನ್ನಾಗಿಸಿದ್ದು ಹಿಂದೂ ಸಮಾಜ. ಹಿಂದೂ ಸಮುದಾಯದ ಸುಧಾರಣೆಗೆ ಅಂಬೇಡ್ಕರ್ ಶ್ರಮಿಸಿದರು. ಬಿಜೆಪಿ ಮುಖಂಡರು ಖರ್ಗೆ ಹೇಳಿಕೆಗೆ ತಿರುಗೇಟು ನೀಡಿದ್ದು, ಅಂಬೇಡ್ಕರ್ ಅವರ ವಿಚಾರವನ್ನು ರಾಜಕೀಯಕ್ಕೆ ಬಳಸಬಾರದು ಎಂದಿದ್ದಾರೆ. ಮಲ್ಲಿಕಾರ್ಜುನ ಖರ್ಗೆ ಅವರ ಹಿಂದೂ ವಿರೋಧಿ ನಿಲುವು ಖಂಡನೀಯ ಎಂದರು.
ಮಾಜಿ ಸಚಿವ ಎಸ್.ಕೆ.ಕಾಂತಾ, ಮಾಲೀಕಯ್ಯ ಗುತ್ತೇದಾರ್, ರೇವೂರ್ ಸೇರಿದಂತೆ ಹಲವು ಮುಖಂಡರು ಹಾಜರಿದ್ದರು. ಕಾರ್ಯಕ್ರಮದಲ್ಲಿ ಡಾ.ಅಂಬೇಡ್ಕರ್ ಅವರ ಭಾವಚಿತ್ರಕ್ಕೆ ಪುಷ್ಪಾರ್ಚನೆ ಮಾಡಲಾಯಿತು. ಜಿಲ್ಲೆಯ ವಿವಿಧ ಭಾಗಗಳಿಂದ ಜನರು ಆಗಮಿಸಿದ್ದರು. ಸಂವಿಧಾನ ಪೀಠಿಕೆ ಓದಲಾಯಿತು.
ಉಗ್ರರಿಗಾಗಿ ಲಂಕೆಯಲ್ಲಿ ಶೋಧ
ಪುತ್ತೂರು: ಪಹಲ್ಗಾಮ್ ಭಯೋತ್ಪಾದಕ ದಾಳಿಯ ಶಂಕಿತ ಉಗ್ರರು ಚೆನ್ನೈನಿಂದ ಶ್ರೀಲಂಕಾಕ್ಕೆ ತೆರಳಿದ ವಿಮಾನದಲ್ಲಿ ಪ್ರಯಾಣಿಸಿದ್ದಾರೆ ಎಂಬ ಮಾಹಿತಿ ಹಿನ್ನೆಲೆಯಲ್ಲಿ ಕೊಲಂಬೋ ವಿಮಾನ ನಿಲ್ದಾಣದಲ್ಲಿ ತೀವ್ರ ಶೋಧ ನಡೆಸಲಾಯಿತು. ಬೆಳಿಗ್ಗೆ 11:59ಕ್ಕೆ ಬಂದಿಳಿದ ವಿಮಾನವನ್ನು ಭದ್ರತಾ ಪಡೆಗಳು ಸಂಪೂರ್ಣವಾಗಿ ಪರಿಶೀಲಿಸಿದವು. ಭಾರತೀಯ ಗುಪ್ತಚರ ಸಂಸ್ಥೆಯ ಮಾಹಿತಿಯ ಮೇರೆಗೆ ಶ್ರೀಲಂಕಾ ಪೊಲೀಸರು ಕಾರ್ಯಾಚರಣೆ ನಡೆಸಿದರು. ಶ್ರೀಲಂಕನ್ ಏರ್‌ಲೈನ್ಸ್ ವಿಮಾನ ಯುಎಲ್ 122 ಕೊಲಂಬೊಗೆ ಆಗಮಿಸಿತ್ತು. ಶಂಕಿತರ ಚಿತ್ರಗಳನ್ನು ಬಿಡುಗಡೆ ಮಾಡಲಾಗಿದ್ದು, ವಿಮಾನದ ಸಿಬ್ಬಂದಿ ಹಾಗೂ ಪ್ರಯಾಣಿಕರನ್ನು ವಿಚಾರಣೆಗೆ ಒಳಪಡಿಸಲಾಯಿತು. -308 ಸಂಖ್ಯೆಯ ವಿಮಾನವನ್ನು ತಪಾಸಣೆ ಮಾಡಲಾಯಿತು. ಯಾವುದೇ ಶಂಕಿತರು ಪತ್ತೆಯಾಗಿಲ್ಲ ಎಂದು ಶ್ರೀಲಂಕಾ ಪೊಲೀಸರು ತಿಳಿಸಿದ್ದಾರೆ.
ಭದ್ರತೆ ಹೆಚ್ಚಿಸಿದ್ದ ಸೇನೆ
ಪಹಲ್ಗಾಮ್‌ನಲ್ಲಿ ಉಗ್ರರ ದಾಳಿ ನಡೆದ ಬಳಿಕ ಶ್ರೀನಗರದ ಹೊರವಲಯದಲ್ಲಿ ಸೇನೆ ಭದ್ರತೆಯನ್ನು ಹೆಚ್ಚಿಸಿತ್ತು. ಭಯೋತ್ಪಾದನಾ ನಿಗ್ರಹ ದಳದ ಕಾರ್ಯಾಚರಣೆ ಮುಂದುವರಿದಿದೆ. ಜಮ್ಮು ಕಾಶ್ಮೀರದಲ್ಲಿ ಹಲವು ಕಡೆ ಶೋಧ ಕಾರ್ಯ ನಡೆಯುತ್ತಿದೆ. ಗಡಿಯಲ್ಲಿ ಹೈ ಅಲರ್ಟ್ ಘೋಷಿಸಲಾಗಿದೆ.
